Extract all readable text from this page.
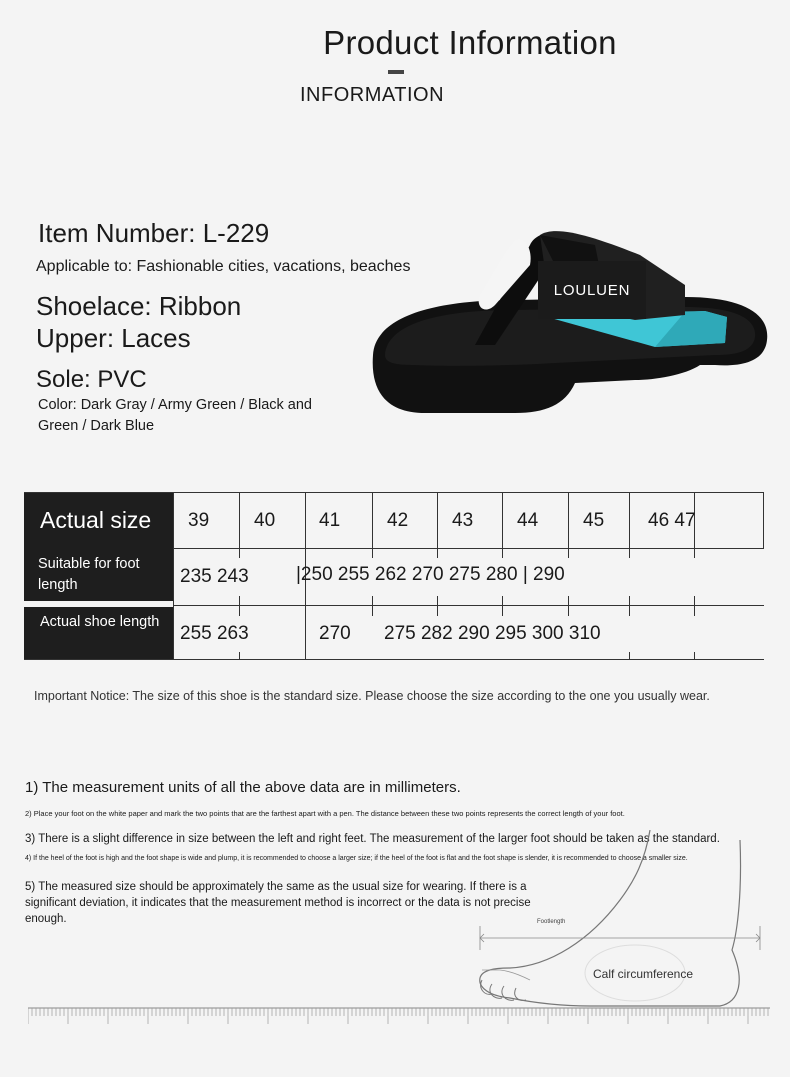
Product Information
INFORMATION
Item Number: L-229
Applicable to: Fashionable cities, vacations, beaches
Shoelace: Ribbon
Upper: Laces
Sole: PVC
Color: Dark Gray / Army Green / Black and Green / Dark Blue
LOULUEN
Actual size
Suitable for foot length
Actual shoe length
39 40 41 42 43 44 45 46 47
235 243 |250 255 262 270 275 280 | 290
255 263	270 275 282 290 295 300 310
Important Notice: The size of this shoe is the standard size. Please choose the size according to the one you usually wear.
1) The measurement units of all the above data are in millimeters.
2) Place your foot on the white paper and mark the two points that are the farthest apart with a pen. The distance between these two points represents the correct length of your foot.
3) There is a slight difference in size between the left and right feet. The measurement of the larger foot should be taken as the standard.
4) If the heel of the foot is high and the foot shape is wide and plump, it is recommended to choose a larger size; if the heel of the foot is flat and the foot shape is slender, it is recommended to choose a smaller size.
5) The measured size should be approximately the same as the usual size for wearing. If there is a significant deviation, it indicates that the measurement method is incorrect or the data is not precise enough.	Footlength
Calf circumference
